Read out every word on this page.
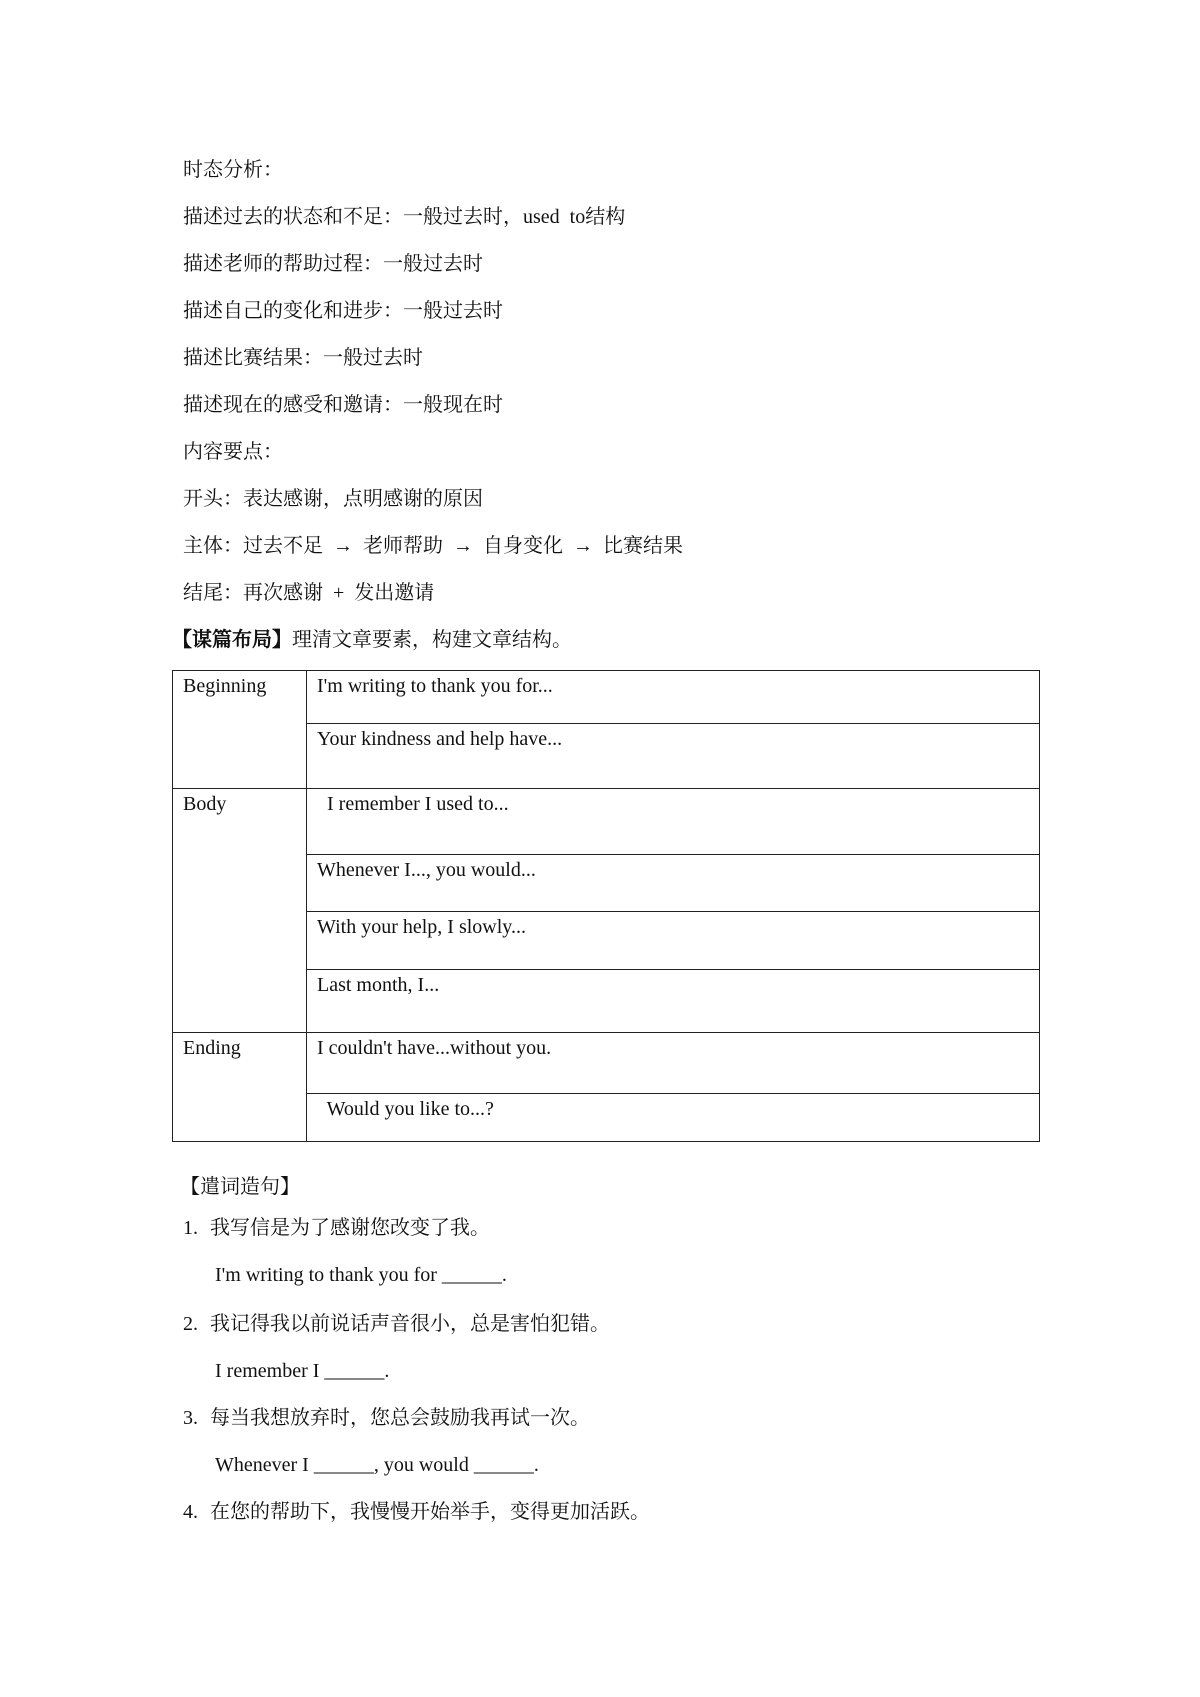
时态分析：
描述过去的状态和不足：一般过去时，used  to结构
描述老师的帮助过程：一般过去时
描述自己的变化和进步：一般过去时
描述比赛结果：一般过去时
描述现在的感受和邀请：一般现在时
内容要点：
开头：表达感谢，点明感谢的原因
主体：过去不足  →  老师帮助  →  自身变化  →  比赛结果
结尾：再次感谢  +  发出邀请
【谋篇布局】理清文章要素，构建文章结构。
Beginning	I'm writing to thank you for...
	Your kindness and help have...
Body	I remember I used to...
	Whenever I..., you would...
	With your help, I slowly...
	Last month, I...
Ending	I couldn't have...without you.
	Would you like to...?
【遣词造句】
1. 我写信是为了感谢您改变了我。
I'm writing to thank you for ______.
2. 我记得我以前说话声音很小，总是害怕犯错。
I remember I ______.
3. 每当我想放弃时，您总会鼓励我再试一次。
Whenever I ______, you would ______.
4. 在您的帮助下，我慢慢开始举手，变得更加活跃。
